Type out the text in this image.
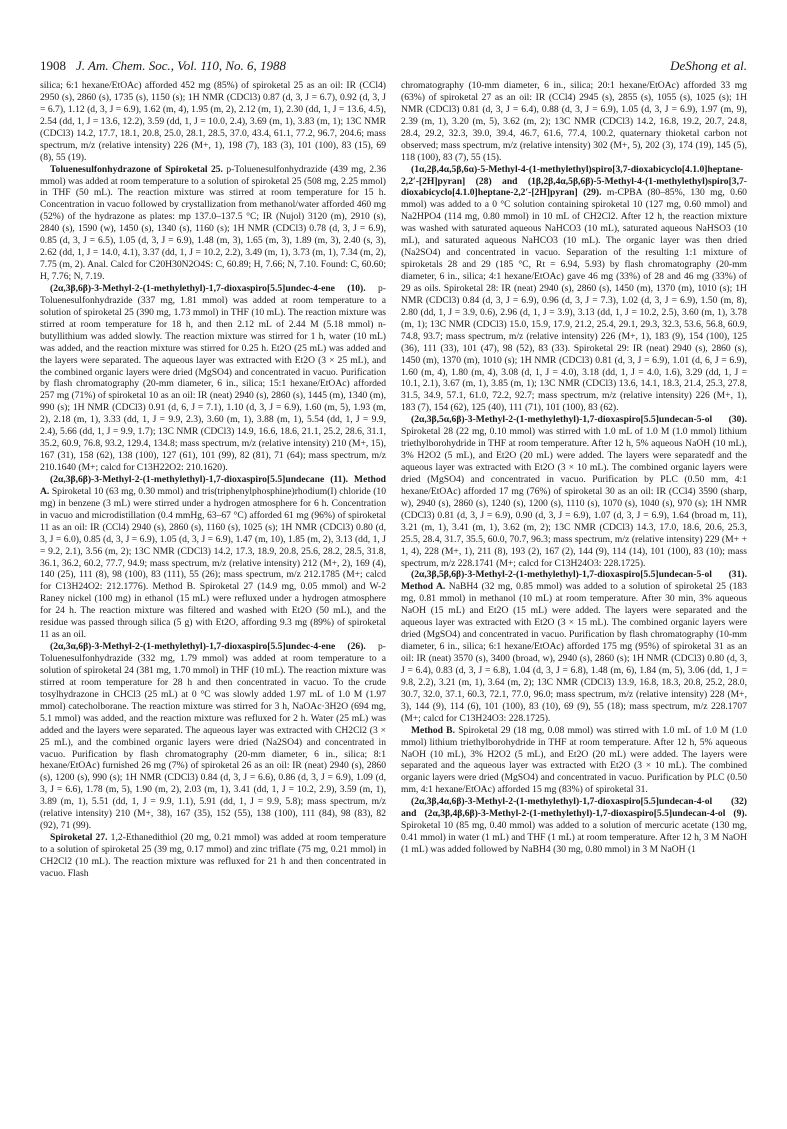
1908 J. Am. Chem. Soc., Vol. 110, No. 6, 1988	DeShong et al.

silica; 6:1 hexane/EtOAc) afforded 452 mg (85%) of spiroketal 25 as an oil: IR (CCl4) 2950 (s), 2860 (s), 1735 (s), 1150 (s); 1H NMR (CDCl3) 0.87 (d, 3, J = 6.7), 0.92 (d, 3, J = 6.7), 1.12 (d, 3, J = 6.9), 1.62 (m, 4), 1.95 (m, 2), 2.12 (m, 1), 2.30 (dd, 1, J = 13.6, 4.5), 2.54 (dd, 1, J = 13.6, 12.2), 3.59 (dd, 1, J = 10.0, 2.4), 3.69 (m, 1), 3.83 (m, 1); 13C NMR (CDCl3) 14.2, 17.7, 18.1, 20.8, 25.0, 28.1, 28.5, 37.0, 43.4, 61.1, 77.2, 96.7, 204.6; mass spectrum, m/z (relative intensity) 226 (M+, 1), 198 (7), 183 (3), 101 (100), 83 (15), 69 (8), 55 (19).

Toluenesulfonhydrazone of Spiroketal 25. p-Toluenesulfonhydrazide (439 mg, 2.36 mmol) was added at room temperature to a solution of spiroketal 25 (508 mg, 2.25 mmol) in THF (50 mL). The reaction mixture was stirred at room temperature for 15 h. Concentration in vacuo followed by crystallization from methanol/water afforded 460 mg (52%) of the hydrazone as plates: mp 137.0–137.5 °C; IR (Nujol) 3120 (m), 2910 (s), 2840 (s), 1590 (w), 1450 (s), 1340 (s), 1160 (s); 1H NMR (CDCl3) 0.78 (d, 3, J = 6.9), 0.85 (d, 3, J = 6.5), 1.05 (d, 3, J = 6.9), 1.48 (m, 3), 1.65 (m, 3), 1.89 (m, 3), 2.40 (s, 3), 2.62 (dd, 1, J = 14.0, 4.1), 3.37 (dd, 1, J = 10.2, 2.2), 3.49 (m, 1), 3.73 (m, 1), 7.34 (m, 2), 7.75 (m, 2). Anal. Calcd for C20H30N2O4S: C, 60.89; H, 7.66; N, 7.10. Found: C, 60.60; H, 7.76; N, 7.19.

(2α,3β,6β)-3-Methyl-2-(1-methylethyl)-1,7-dioxaspiro[5.5]undec-4-ene (10). p-Toluenesulfonhydrazide (337 mg, 1.81 mmol) was added at room temperature to a solution of spiroketal 25 (390 mg, 1.73 mmol) in THF (10 mL). The reaction mixture was stirred at room temperature for 18 h, and then 2.12 mL of 2.44 M (5.18 mmol) n-butyllithium was added slowly. The reaction mixture was stirred for 1 h, water (10 mL) was added, and the reaction mixture was stirred for 0.25 h. Et2O (25 mL) was added and the layers were separated. The aqueous layer was extracted with Et2O (3 × 25 mL), and the combined organic layers were dried (MgSO4) and concentrated in vacuo. Purification by flash chromatography (20-mm diameter, 6 in., silica; 15:1 hexane/EtOAc) afforded 257 mg (71%) of spiroketal 10 as an oil: IR (neat) 2940 (s), 2860 (s), 1445 (m), 1340 (m), 990 (s); 1H NMR (CDCl3) 0.91 (d, 6, J = 7.1), 1.10 (d, 3, J = 6.9), 1.60 (m, 5), 1.93 (m, 2), 2.18 (m, 1), 3.33 (dd, 1, J = 9.9, 2.3), 3.60 (m, 1), 3.88 (m, 1), 5.54 (dd, 1, J = 9.9, 2.4), 5.66 (dd, 1, J = 9.9, 1.7); 13C NMR (CDCl3) 14.9, 16.6, 18.6, 21.1, 25.2, 28.6, 31.1, 35.2, 60.9, 76.8, 93.2, 129.4, 134.8; mass spectrum, m/z (relative intensity) 210 (M+, 15), 167 (31), 158 (62), 138 (100), 127 (61), 101 (99), 82 (81), 71 (64); mass spectrum, m/z 210.1640 (M+; calcd for C13H22O2: 210.1620).

(2α,3β,6β)-3-Methyl-2-(1-methylethyl)-1,7-dioxaspiro[5.5]undecane (11). Method A. Spiroketal 10 (63 mg, 0.30 mmol) and tris(triphenylphosphine)rhodium(I) chloride (10 mg) in benzene (3 mL) were stirred under a hydrogen atmosphere for 6 h. Concentration in vacuo and microdistillation (0.4 mmHg, 63–67 °C) afforded 61 mg (96%) of spiroketal 11 as an oil: IR (CCl4) 2940 (s), 2860 (s), 1160 (s), 1025 (s); 1H NMR (CDCl3) 0.80 (d, 3, J = 6.0), 0.85 (d, 3, J = 6.9), 1.05 (d, 3, J = 6.9), 1.47 (m, 10), 1.85 (m, 2), 3.13 (dd, 1, J = 9.2, 2.1), 3.56 (m, 2); 13C NMR (CDCl3) 14.2, 17.3, 18.9, 20.8, 25.6, 28.2, 28.5, 31.8, 36.1, 36.2, 60.2, 77.7, 94.9; mass spectrum, m/z (relative intensity) 212 (M+, 2), 169 (4), 140 (25), 111 (8), 98 (100), 83 (111), 55 (26); mass spectrum, m/z 212.1785 (M+; calcd for C13H24O2: 212.1776). Method B. Spiroketal 27 (14.9 mg, 0.05 mmol) and W-2 Raney nickel (100 mg) in ethanol (15 mL) were refluxed under a hydrogen atmosphere for 24 h. The reaction mixture was filtered and washed with Et2O (50 mL), and the residue was passed through silica (5 g) with Et2O, affording 9.3 mg (89%) of spiroketal 11 as an oil.

(2α,3α,6β)-3-Methyl-2-(1-methylethyl)-1,7-dioxaspiro[5.5]undec-4-ene (26). p-Toluenesulfonhydrazide (332 mg, 1.79 mmol) was added at room temperature to a solution of spiroketal 24 (381 mg, 1.70 mmol) in THF (10 mL). The reaction mixture was stirred at room temperature for 28 h and then concentrated in vacuo. To the crude tosylhydrazone in CHCl3 (25 mL) at 0 °C was slowly added 1.97 mL of 1.0 M (1.97 mmol) catecholborane. The reaction mixture was stirred for 3 h, NaOAc·3H2O (694 mg, 5.1 mmol) was added, and the reaction mixture was refluxed for 2 h. Water (25 mL) was added and the layers were separated. The aqueous layer was extracted with CH2Cl2 (3 × 25 mL), and the combined organic layers were dried (Na2SO4) and concentrated in vacuo. Purification by flash chromatography (20-mm diameter, 6 in., silica; 8:1 hexane/EtOAc) furnished 26 mg (7%) of spiroketal 26 as an oil: IR (neat) 2940 (s), 2860 (s), 1200 (s), 990 (s); 1H NMR (CDCl3) 0.84 (d, 3, J = 6.6), 0.86 (d, 3, J = 6.9), 1.09 (d, 3, J = 6.6), 1.78 (m, 5), 1.90 (m, 2), 2.03 (m, 1), 3.41 (dd, 1, J = 10.2, 2.9), 3.59 (m, 1), 3.89 (m, 1), 5.51 (dd, 1, J = 9.9, 1.1), 5.91 (dd, 1, J = 9.9, 5.8); mass spectrum, m/z (relative intensity) 210 (M+, 38), 167 (35), 152 (55), 138 (100), 111 (84), 98 (83), 82 (92), 71 (99).

Spiroketal 27. 1,2-Ethanedithiol (20 mg, 0.21 mmol) was added at room temperature to a solution of spiroketal 25 (39 mg, 0.17 mmol) and zinc triflate (75 mg, 0.21 mmol) in CH2Cl2 (10 mL). The reaction mixture was refluxed for 21 h and then concentrated in vacuo. Flash

chromatography (10-mm diameter, 6 in., silica; 20:1 hexane/EtOAc) afforded 33 mg (63%) of spiroketal 27 as an oil: IR (CCl4) 2945 (s), 2855 (s), 1055 (s), 1025 (s); 1H NMR (CDCl3) 0.81 (d, 3, J = 6.4), 0.88 (d, 3, J = 6.9), 1.05 (d, 3, J = 6.9), 1.97 (m, 9), 2.39 (m, 1), 3.20 (m, 5), 3.62 (m, 2); 13C NMR (CDCl3) 14.2, 16.8, 19.2, 20.7, 24.8, 28.4, 29.2, 32.3, 39.0, 39.4, 46.7, 61.6, 77.4, 100.2, quaternary thioketal carbon not observed; mass spectrum, m/z (relative intensity) 302 (M+, 5), 202 (3), 174 (19), 145 (5), 118 (100), 83 (7), 55 (15).

(1α,2β,4α,5β,6α)-5-Methyl-4-(1-methylethyl)spiro[3,7-dioxabicyclo[4.1.0]heptane-2,2′-[2H]pyran] (28) and (1β,2β,4α,5β,6β)-5-Methyl-4-(1-methylethyl)spiro[3,7-dioxabicyclo[4.1.0]heptane-2,2′-[2H]pyran] (29). m-CPBA (80–85%, 130 mg, 0.60 mmol) was added to a 0 °C solution containing spiroketal 10 (127 mg, 0.60 mmol) and Na2HPO4 (114 mg, 0.80 mmol) in 10 mL of CH2Cl2. After 12 h, the reaction mixture was washed with saturated aqueous NaHCO3 (10 mL), saturated aqueous NaHSO3 (10 mL), and saturated aqueous NaHCO3 (10 mL). The organic layer was then dried (Na2SO4) and concentrated in vacuo. Separation of the resulting 1:1 mixture of spiroketals 28 and 29 (185 °C, Rt = 6.94, 5.93) by flash chromatography (20-mm diameter, 6 in., silica; 4:1 hexane/EtOAc) gave 46 mg (33%) of 28 and 46 mg (33%) of 29 as oils. Spiroketal 28: IR (neat) 2940 (s), 2860 (s), 1450 (m), 1370 (m), 1010 (s); 1H NMR (CDCl3) 0.84 (d, 3, J = 6.9), 0.96 (d, 3, J = 7.3), 1.02 (d, 3, J = 6.9), 1.50 (m, 8), 2.80 (dd, 1, J = 3.9, 0.6), 2.96 (d, 1, J = 3.9), 3.13 (dd, 1, J = 10.2, 2.5), 3.60 (m, 1), 3.78 (m, 1); 13C NMR (CDCl3) 15.0, 15.9, 17.9, 21.2, 25.4, 29.1, 29.3, 32.3, 53.6, 56.8, 60.9, 74.8, 93.7; mass spectrum, m/z (relative intensity) 226 (M+, 1), 183 (9), 154 (100), 125 (36), 111 (33), 101 (47), 98 (52), 83 (33). Spiroketal 29: IR (neat) 2940 (s), 2860 (s), 1450 (m), 1370 (m), 1010 (s); 1H NMR (CDCl3) 0.81 (d, 3, J = 6.9), 1.01 (d, 6, J = 6.9), 1.60 (m, 4), 1.80 (m, 4), 3.08 (d, 1, J = 4.0), 3.18 (dd, 1, J = 4.0, 1.6), 3.29 (dd, 1, J = 10.1, 2.1), 3.67 (m, 1), 3.85 (m, 1); 13C NMR (CDCl3) 13.6, 14.1, 18.3, 21.4, 25.3, 27.8, 31.5, 34.9, 57.1, 61.0, 72.2, 92.7; mass spectrum, m/z (relative intensity) 226 (M+, 1), 183 (7), 154 (62), 125 (40), 111 (71), 101 (100), 83 (62).

(2α,3β,5α,6β)-3-Methyl-2-(1-methylethyl)-1,7-dioxaspiro[5.5]undecan-5-ol (30). Spiroketal 28 (22 mg, 0.10 mmol) was stirred with 1.0 mL of 1.0 M (1.0 mmol) lithium triethylborohydride in THF at room temperature. After 12 h, 5% aqueous NaOH (10 mL), 3% H2O2 (5 mL), and Et2O (20 mL) were added. The layers were separatedf and the aqueous layer was extracted with Et2O (3 × 10 mL). The combined organic layers were dried (MgSO4) and concentrated in vacuo. Purification by PLC (0.50 mm, 4:1 hexane/EtOAc) afforded 17 mg (76%) of spiroketal 30 as an oil: IR (CCl4) 3590 (sharp, w), 2940 (s), 2860 (s), 1240 (s), 1200 (s), 1110 (s), 1070 (s), 1040 (s), 970 (s); 1H NMR (CDCl3) 0.81 (d, 3, J = 6.9), 0.90 (d, 3, J = 6.9), 1.07 (d, 3, J = 6.9), 1.64 (broad m, 11), 3.21 (m, 1), 3.41 (m, 1), 3.62 (m, 2); 13C NMR (CDCl3) 14.3, 17.0, 18.6, 20.6, 25.3, 25.5, 28.4, 31.7, 35.5, 60.0, 70.7, 96.3; mass spectrum, m/z (relative intensity) 229 (M+ + 1, 4), 228 (M+, 1), 211 (8), 193 (2), 167 (2), 144 (9), 114 (14), 101 (100), 83 (10); mass spectrum, m/z 228.1741 (M+; calcd for C13H24O3: 228.1725).

(2α,3β,5β,6β)-3-Methyl-2-(1-methylethyl)-1,7-dioxaspiro[5.5]undecan-5-ol (31). Method A. NaBH4 (32 mg, 0.85 mmol) was added to a solution of spiroketal 25 (183 mg, 0.81 mmol) in methanol (10 mL) at room temperature. After 30 min, 3% aqueous NaOH (15 mL) and Et2O (15 mL) were added. The layers were separated and the aqueous layer was extracted with Et2O (3 × 15 mL). The combined organic layers were dried (MgSO4) and concentrated in vacuo. Purification by flash chromatography (10-mm diameter, 6 in., silica; 6:1 hexane/EtOAc) afforded 175 mg (95%) of spiroketal 31 as an oil: IR (neat) 3570 (s), 3400 (broad, w), 2940 (s), 2860 (s); 1H NMR (CDCl3) 0.80 (d, 3, J = 6.4), 0.83 (d, 3, J = 6.8), 1.04 (d, 3, J = 6.8), 1.48 (m, 6), 1.84 (m, 5), 3.06 (dd, 1, J = 9.8, 2.2), 3.21 (m, 1), 3.64 (m, 2); 13C NMR (CDCl3) 13.9, 16.8, 18.3, 20.8, 25.2, 28.0, 30.7, 32.0, 37.1, 60.3, 72.1, 77.0, 96.0; mass spectrum, m/z (relative intensity) 228 (M+, 3), 144 (9), 114 (6), 101 (100), 83 (10), 69 (9), 55 (18); mass spectrum, m/z 228.1707 (M+; calcd for C13H24O3: 228.1725).

Method B. Spiroketal 29 (18 mg, 0.08 mmol) was stirred with 1.0 mL of 1.0 M (1.0 mmol) lithium triethylborohydride in THF at room temperature. After 12 h, 5% aqueous NaOH (10 mL), 3% H2O2 (5 mL), and Et2O (20 mL) were added. The layers were separated and the aqueous layer was extracted with Et2O (3 × 10 mL). The combined organic layers were dried (MgSO4) and concentrated in vacuo. Purification by PLC (0.50 mm, 4:1 hexane/EtOAc) afforded 15 mg (83%) of spiroketal 31.

(2α,3β,4α,6β)-3-Methyl-2-(1-methylethyl)-1,7-dioxaspiro[5.5]undecan-4-ol (32) and (2α,3β,4β,6β)-3-Methyl-2-(1-methylethyl)-1,7-dioxaspiro[5.5]undecan-4-ol (9). Spiroketal 10 (85 mg, 0.40 mmol) was added to a solution of mercuric acetate (130 mg, 0.41 mmol) in water (1 mL) and THF (1 mL) at room temperature. After 12 h, 3 M NaOH (1 mL) was added followed by NaBH4 (30 mg, 0.80 mmol) in 3 M NaOH (1
